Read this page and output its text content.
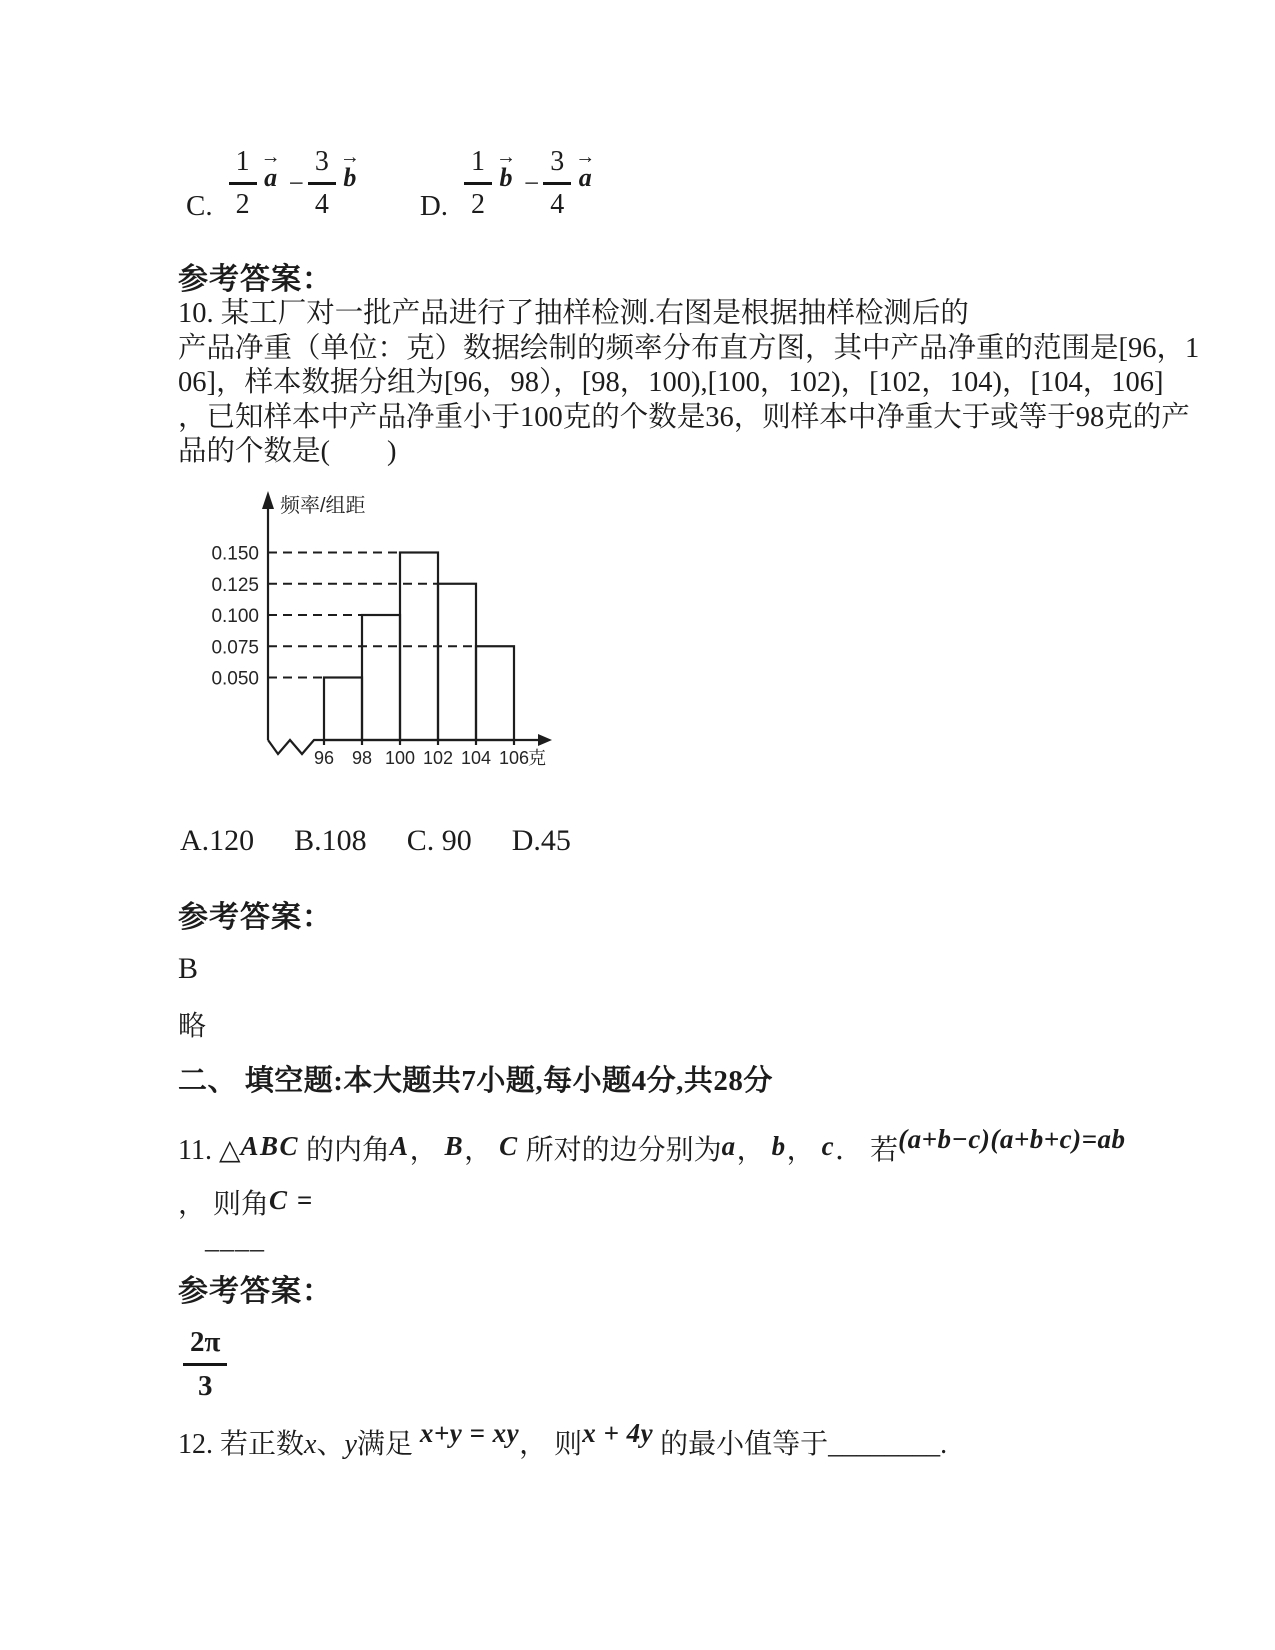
C. $\frac{1}{2}$ →
$a - \frac{3}{4}$ →
b
D. $\frac{1}{2}$ →
$b - \frac{3}{4}$ →
a
参考答案：
10. 某工厂对一批产品进行了抽样检测.右图是根据抽样检测后的
产品净重（单位：克）数据绘制的频率分布直方图，其中产品净重的范围是[96，1
06]，样本数据分组为[96，98），[98，100),[100，102)，[102，104)，[104，106]
，已知样本中产品净重小于100克的个数是36，则样本中净重大于或等于98克的产
品的个数是(        )
0.150
0.125
0.100
0.075
0.050
96 98 100 102 104 106
克
频率/组距
A.120 B.108 C. 90 D.45
参考答案：
B
略
二、 填空题:本大题共7小题,每小题4分,共28分
11. △ABC 的内角A， B， C 所对的边分别为a， b， c． 若(a+b−c)(a+b+c)=ab
， 则角C =
____
参考答案：
$\frac{2\pi}{3}$
12. 若正数x、y满足 x+y = xy， 则x + 4y 的最小值等于________.
